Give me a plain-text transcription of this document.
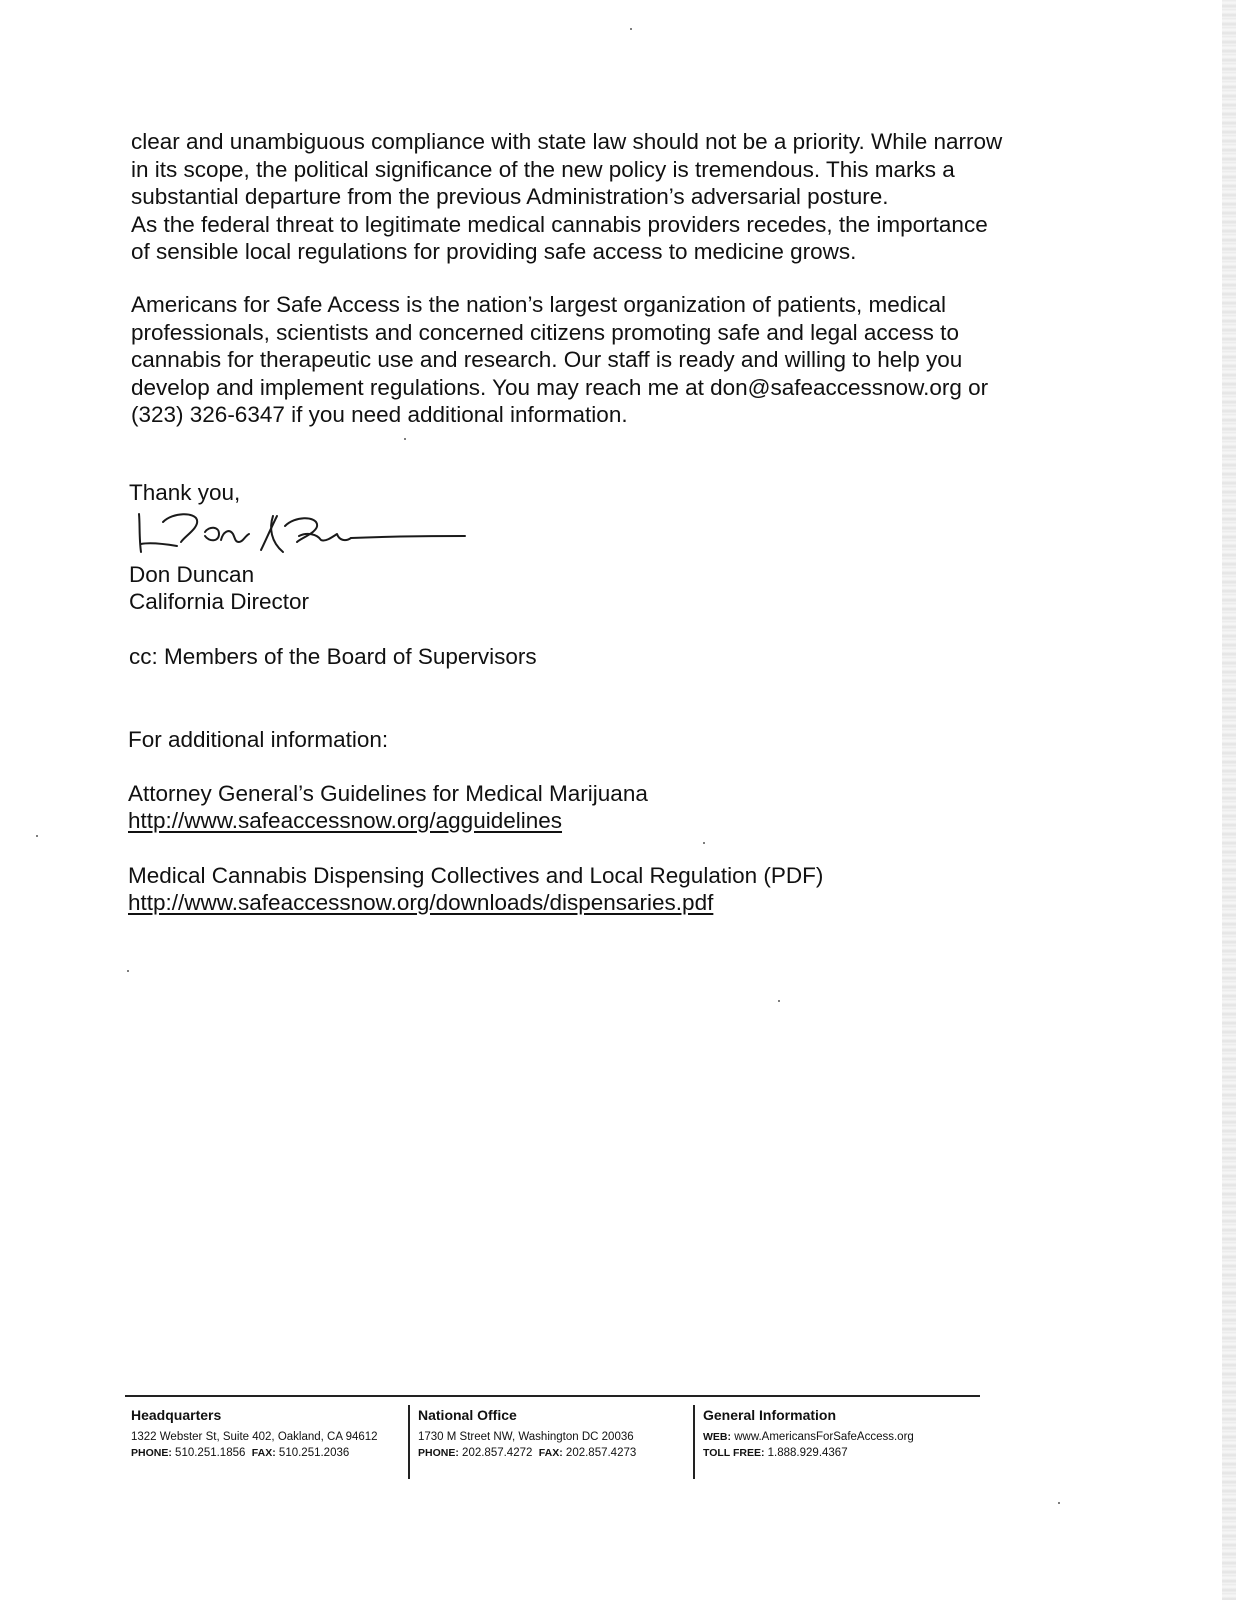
clear and unambiguous compliance with state law should not be a priority. While narrow
in its scope, the political significance of the new policy is tremendous. This marks a
substantial departure from the previous Administration’s adversarial posture.
As the federal threat to legitimate medical cannabis providers recedes, the importance
of sensible local regulations for providing safe access to medicine grows.
Americans for Safe Access is the nation’s largest organization of patients, medical
professionals, scientists and concerned citizens promoting safe and legal access to
cannabis for therapeutic use and research. Our staff is ready and willing to help you
develop and implement regulations. You may reach me at don@safeaccessnow.org or
(323) 326-6347 if you need additional information.
Thank you,
Don Duncan
California Director
cc: Members of the Board of Supervisors
For additional information:
Attorney General’s Guidelines for Medical Marijuana
http://www.safeaccessnow.org/agguidelines
Medical Cannabis Dispensing Collectives and Local Regulation (PDF)
http://www.safeaccessnow.org/downloads/dispensaries.pdf
Headquarters
1322 Webster St, Suite 402, Oakland, CA 94612
PHONE: 510.251.1856 FAX: 510.251.2036
National Office
1730 M Street NW, Washington DC 20036
PHONE: 202.857.4272 FAX: 202.857.4273
General Information
WEB: www.AmericansForSafeAccess.org
TOLL FREE: 1.888.929.4367
